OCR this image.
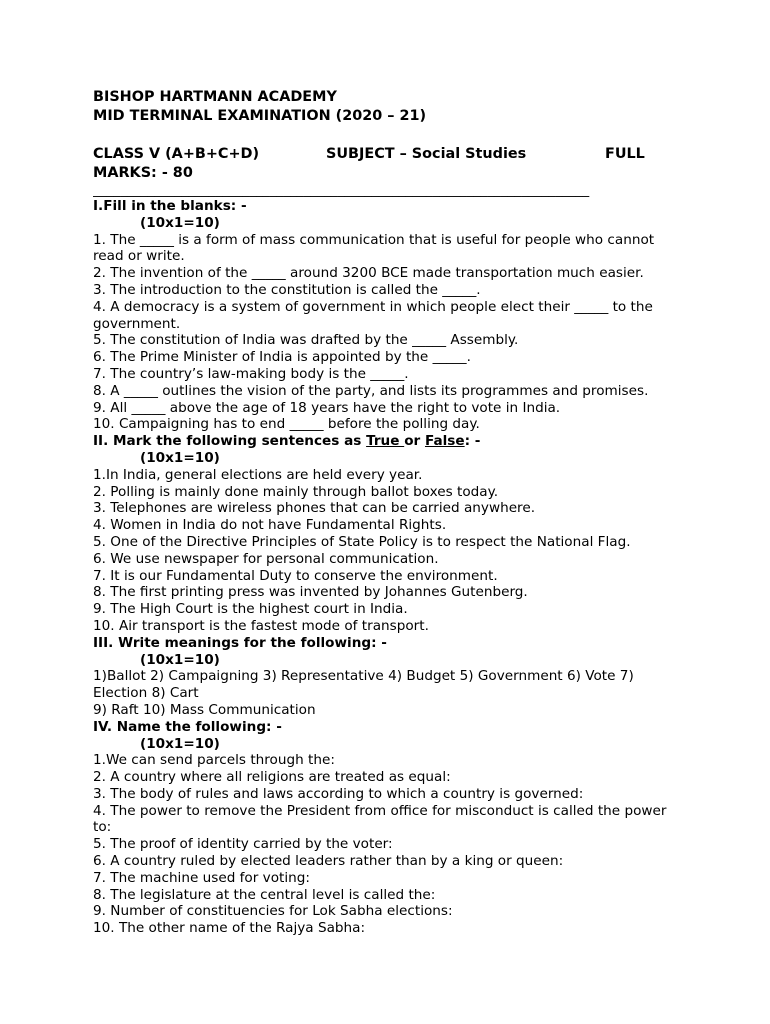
BISHOP HARTMANN ACADEMY
MID TERMINAL EXAMINATION (2020 – 21)
CLASS V (A+B+C+D)	SUBJECT – Social Studies	FULL
MARKS: - 80
_________________________________________________________________________
I.Fill in the blanks: -
(10x1=10)
1. The _____ is a form of mass communication that is useful for people who cannot read or write.
2. The invention of the _____ around 3200 BCE made transportation much easier.
3. The introduction to the constitution is called the _____.
4. A democracy is a system of government in which people elect their _____ to the government.
5. The constitution of India was drafted by the _____ Assembly.
6. The Prime Minister of India is appointed by the _____.
7. The country’s law-making body is the _____.
8. A _____ outlines the vision of the party, and lists its programmes and promises.
9. All _____ above the age of 18 years have the right to vote in India.
10. Campaigning has to end _____ before the polling day.
II. Mark the following sentences as True or False: -
(10x1=10)
1.In India, general elections are held every year.
2. Polling is mainly done mainly through ballot boxes today.
3. Telephones are wireless phones that can be carried anywhere.
4. Women in India do not have Fundamental Rights.
5. One of the Directive Principles of State Policy is to respect the National Flag.
6. We use newspaper for personal communication.
7. It is our Fundamental Duty to conserve the environment.
8. The first printing press was invented by Johannes Gutenberg.
9. The High Court is the highest court in India.
10. Air transport is the fastest mode of transport.
III. Write meanings for the following: -
(10x1=10)
1)Ballot 2) Campaigning 3) Representative 4) Budget 5) Government 6) Vote 7) Election 8) Cart
9) Raft 10) Mass Communication
IV. Name the following: -
(10x1=10)
1.We can send parcels through the:
2. A country where all religions are treated as equal:
3. The body of rules and laws according to which a country is governed:
4. The power to remove the President from office for misconduct is called the power to:
5. The proof of identity carried by the voter:
6. A country ruled by elected leaders rather than by a king or queen:
7. The machine used for voting:
8. The legislature at the central level is called the:
9. Number of constituencies for Lok Sabha elections:
10. The other name of the Rajya Sabha:
